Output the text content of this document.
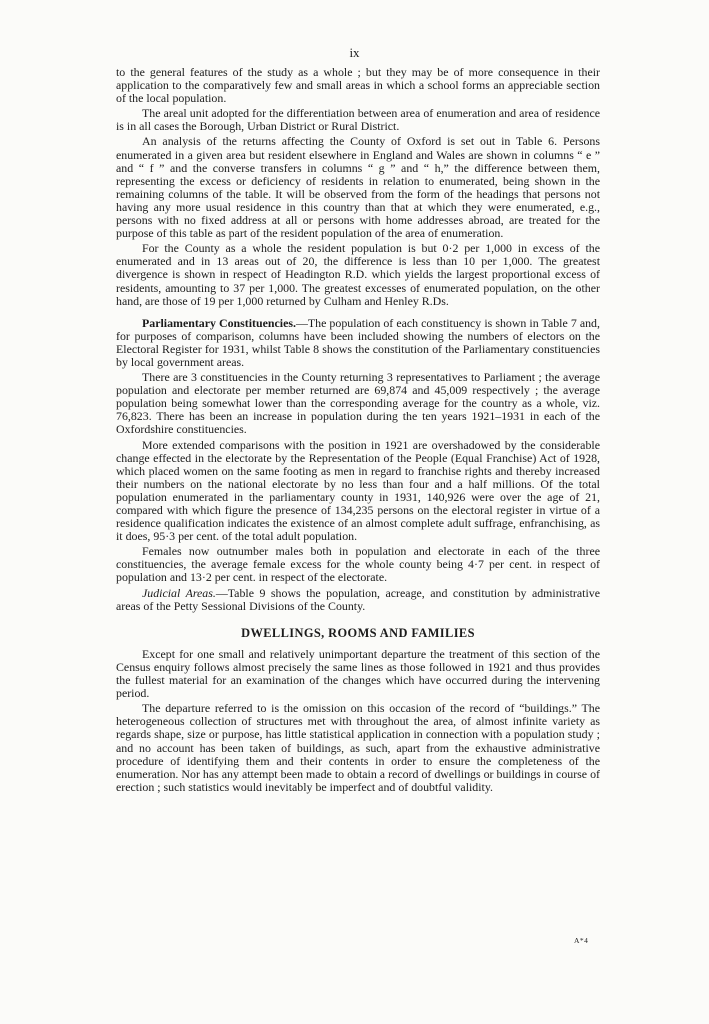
ix

to the general features of the study as a whole ; but they may be of more consequence in their application to the comparatively few and small areas in which a school forms an appreciable section of the local population.

The areal unit adopted for the differentiation between area of enumeration and area of residence is in all cases the Borough, Urban District or Rural District.

An analysis of the returns affecting the County of Oxford is set out in Table 6. Persons enumerated in a given area but resident elsewhere in England and Wales are shown in columns “ e ” and “ f ” and the converse transfers in columns “ g ” and “ h,” the difference between them, representing the excess or deficiency of residents in relation to enumerated, being shown in the remaining columns of the table. It will be observed from the form of the headings that persons not having any more usual residence in this country than that at which they were enumerated, e.g., persons with no fixed address at all or persons with home addresses abroad, are treated for the purpose of this table as part of the resident population of the area of enumeration.

For the County as a whole the resident population is but 0·2 per 1,000 in excess of the enumerated and in 13 areas out of 20, the difference is less than 10 per 1,000. The greatest divergence is shown in respect of Headington R.D. which yields the largest proportional excess of residents, amounting to 37 per 1,000. The greatest excesses of enumerated population, on the other hand, are those of 19 per 1,000 returned by Culham and Henley R.Ds.

Parliamentary Constituencies.—The population of each constituency is shown in Table 7 and, for purposes of comparison, columns have been included showing the numbers of electors on the Electoral Register for 1931, whilst Table 8 shows the constitution of the Parliamentary constituencies by local government areas.

There are 3 constituencies in the County returning 3 representatives to Parliament ; the average population and electorate per member returned are 69,874 and 45,009 respectively ; the average population being somewhat lower than the corresponding average for the country as a whole, viz. 76,823. There has been an increase in population during the ten years 1921–1931 in each of the Oxfordshire constituencies.

More extended comparisons with the position in 1921 are overshadowed by the considerable change effected in the electorate by the Representation of the People (Equal Franchise) Act of 1928, which placed women on the same footing as men in regard to franchise rights and thereby increased their numbers on the national electorate by no less than four and a half millions. Of the total population enumerated in the parliamentary county in 1931, 140,926 were over the age of 21, compared with which figure the presence of 134,235 persons on the electoral register in virtue of a residence qualification indicates the existence of an almost complete adult suffrage, enfranchising, as it does, 95·3 per cent. of the total adult population.

Females now outnumber males both in population and electorate in each of the three constituencies, the average female excess for the whole county being 4·7 per cent. in respect of population and 13·2 per cent. in respect of the electorate.

Judicial Areas.—Table 9 shows the population, acreage, and constitution by administrative areas of the Petty Sessional Divisions of the County.

DWELLINGS, ROOMS AND FAMILIES

Except for one small and relatively unimportant departure the treatment of this section of the Census enquiry follows almost precisely the same lines as those followed in 1921 and thus provides the fullest material for an examination of the changes which have occurred during the intervening period.

The departure referred to is the omission on this occasion of the record of “buildings.” The heterogeneous collection of structures met with throughout the area, of almost infinite variety as regards shape, size or purpose, has little statistical application in connection with a population study ; and no account has been taken of buildings, as such, apart from the exhaustive administrative procedure of identifying them and their contents in order to ensure the completeness of the enumeration. Nor has any attempt been made to obtain a record of dwellings or buildings in course of erection ; such statistics would inevitably be imperfect and of doubtful validity.

A*4
